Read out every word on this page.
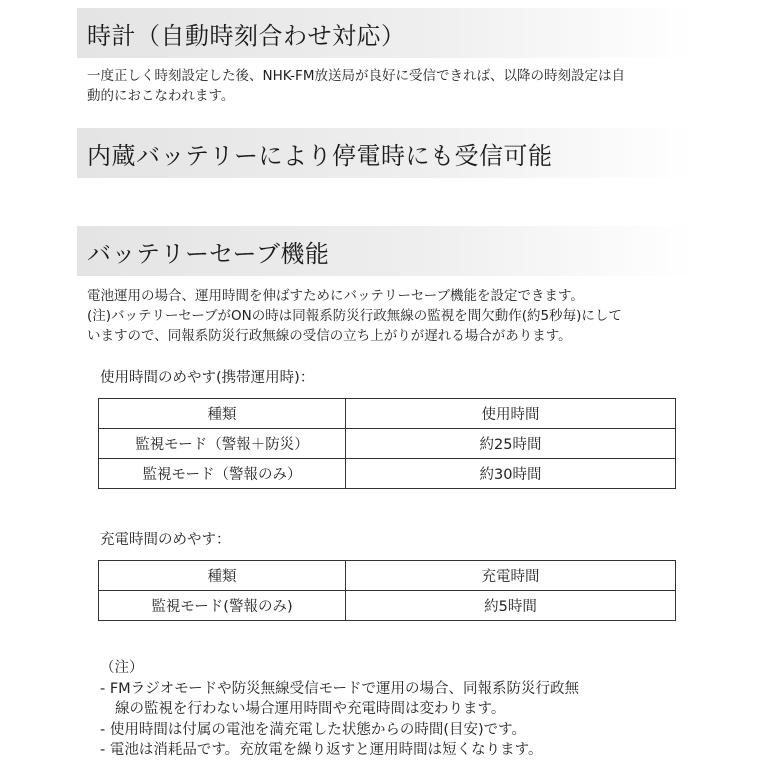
時計（自動時刻合わせ対応）
一度正しく時刻設定した後、NHK-FM放送局が良好に受信できれば、以降の時刻設定は自
動的におこなわれます。
内蔵バッテリーにより停電時にも受信可能
バッテリーセーブ機能
電池運用の場合、運用時間を伸ばすためにバッテリーセーブ機能を設定できます。
(注)バッテリーセーブがONの時は同報系防災行政無線の監視を間欠動作(約5秒毎)にして
いますので、同報系防災行政無線の受信の立ち上がりが遅れる場合があります。

使用時間のめやす(携帯運用時)：

種類	使用時間
監視モード（警報＋防災）	約25時間
監視モード（警報のみ）	約30時間

充電時間のめやす：

種類	充電時間
監視モード(警報のみ)	約5時間
（注）
- FMラジオモードや防災無線受信モードで運用の場合、同報系防災行政無
線の監視を行わない場合運用時間や充電時間は変わります。
- 使用時間は付属の電池を満充電した状態からの時間(目安)です。
- 電池は消耗品です。充放電を繰り返すと運用時間は短くなります。
